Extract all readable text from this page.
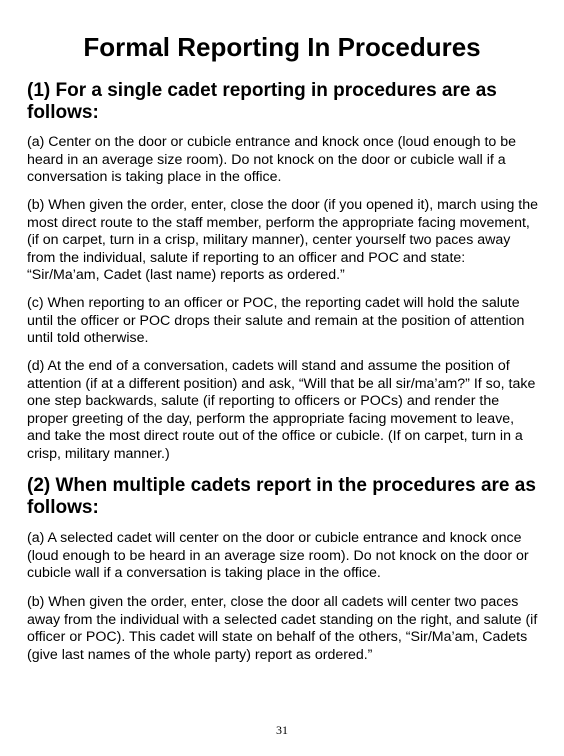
Formal Reporting In Procedures
(1) For a single cadet reporting in procedures are as follows:

(a) Center on the door or cubicle entrance and knock once (loud enough to be heard in an average size room). Do not knock on the door or cubicle wall if a conversation is taking place in the office.

(b) When given the order, enter, close the door (if you opened it), march using the most direct route to the staff member, perform the appropriate facing movement, (if on carpet, turn in a crisp, military manner), center yourself two paces away from the individual, salute if reporting to an officer and POC and state: “Sir/Ma’am, Cadet (last name) reports as ordered.”

(c) When reporting to an officer or POC, the reporting cadet will hold the salute until the officer or POC drops their salute and remain at the position of attention until told otherwise.

(d) At the end of a conversation, cadets will stand and assume the position of attention (if at a different position) and ask, “Will that be all sir/ma’am?” If so, take one step backwards, salute (if reporting to officers or POCs) and render the proper greeting of the day, perform the appropriate facing movement to leave, and take the most direct route out of the office or cubicle. (If on carpet, turn in a crisp, military manner.)

(2) When multiple cadets report in the procedures are as follows:

(a) A selected cadet will center on the door or cubicle entrance and knock once (loud enough to be heard in an average size room). Do not knock on the door or cubicle wall if a conversation is taking place in the office.

(b) When given the order, enter, close the door all cadets will center two paces away from the individual with a selected cadet standing on the right, and salute (if officer or POC). This cadet will state on behalf of the others, “Sir/Ma’am, Cadets (give last names of the whole party) report as ordered.”

31
